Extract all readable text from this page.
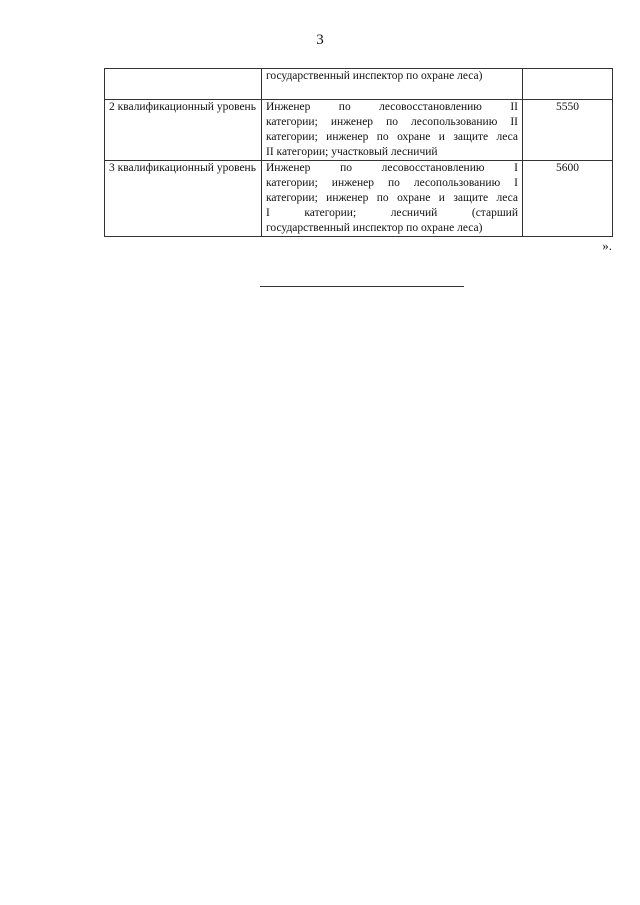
3

	государственный инспектор по охране леса)	

2 квалификационный уровень	Инженер по лесовосстановлению II
категории; инженер по лесопользованию II
категории; инженер по охране и защите леса
II категории; участковый лесничий	5550
3 квалификационный уровень	Инженер по лесовосстановлению I
категории; инженер по лесопользованию I
категории; инженер по охране и защите леса
I категории; лесничий (старший
государственный инспектор по охране леса)	5600
».
